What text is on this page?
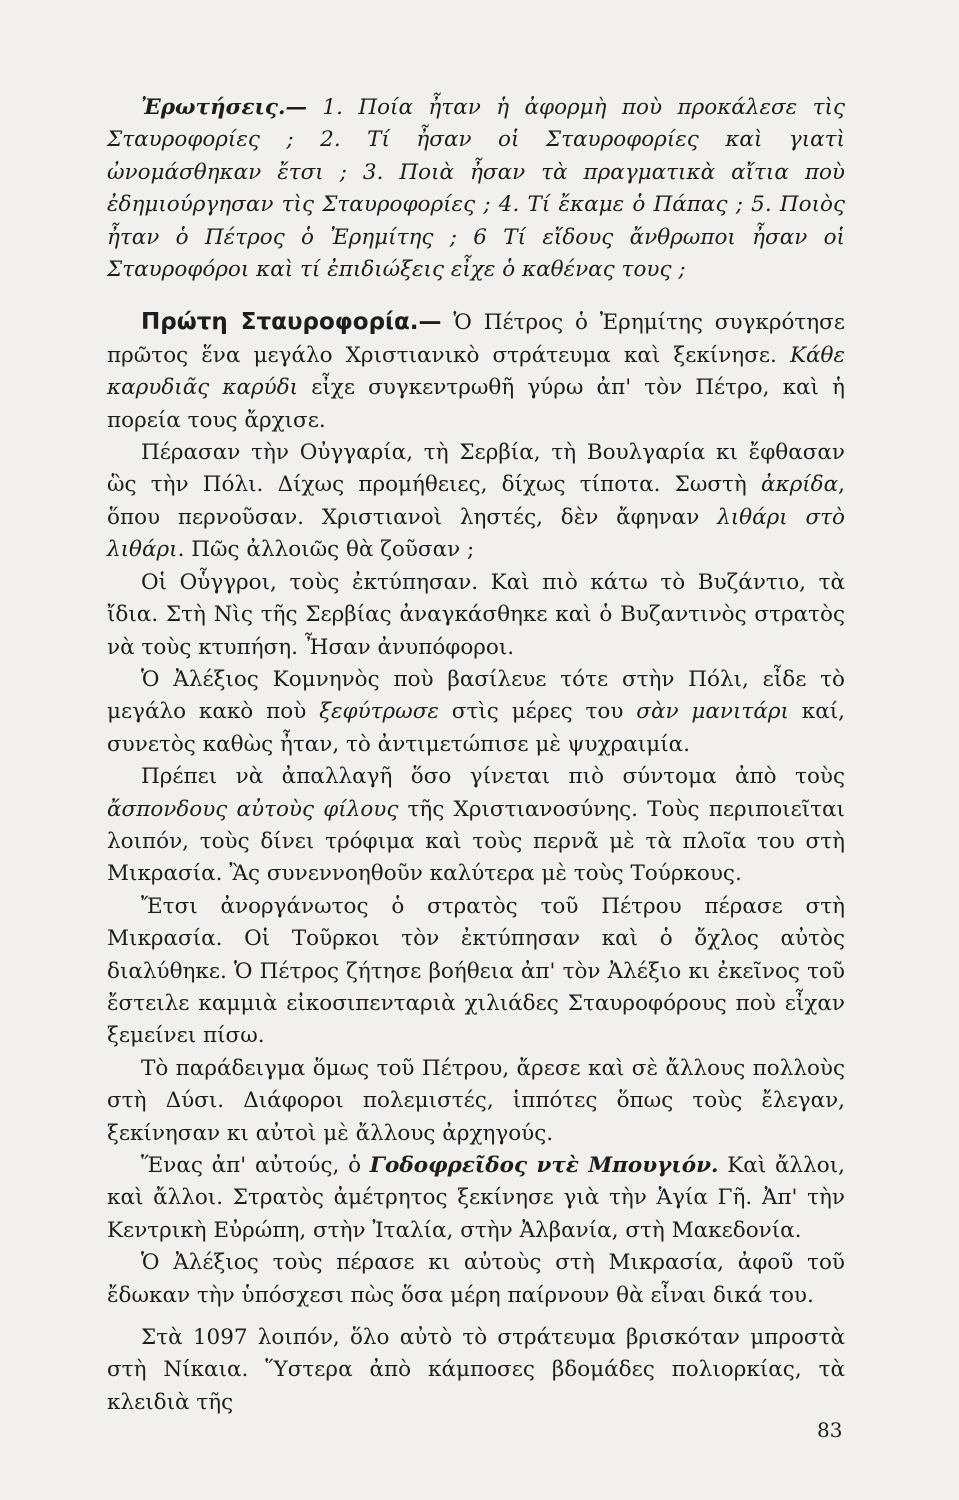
Ἐρωτήσεις.— 1. Ποία ἦταν ἡ ἀφορμὴ ποὺ προκάλεσε τὶς Σταυροφορίες ; 2. Τί ἦσαν οἱ Σταυροφορίες καὶ γιατὶ ὠνομάσθηκαν ἔτσι ; 3. Ποιὰ ἦσαν τὰ πραγματικὰ αἴτια ποὺ ἐδημιούργησαν τὶς Σταυροφορίες ; 4. Τί ἔκαμε ὁ Πάπας ; 5. Ποιὸς ἦταν ὁ Πέτρος ὁ Ἐρημίτης ; 6 Τί εἴδους ἄνθρωποι ἦσαν οἱ Σταυροφόροι καὶ τί ἐπιδιώξεις εἶχε ὁ καθένας τους ;

Πρώτη Σταυροφορία.— Ὁ Πέτρος ὁ Ἐρημίτης συγκρότησε πρῶτος ἕνα μεγάλο Χριστιανικὸ στράτευμα καὶ ξεκίνησε. Κάθε καρυδιᾶς καρύδι εἶχε συγκεντρωθῆ γύρω ἀπ' τὸν Πέτρο, καὶ ἡ πορεία τους ἄρχισε.

Πέρασαν τὴν Οὐγγαρία, τὴ Σερβία, τὴ Βουλγαρία κι ἔφθασαν ὣς τὴν Πόλι. Δίχως προμήθειες, δίχως τίποτα. Σωστὴ ἀκρίδα, ὅπου περνοῦσαν. Χριστιανοὶ ληστές, δὲν ἄφηναν λιθάρι στὸ λιθάρι. Πῶς ἀλλοιῶς θὰ ζοῦσαν ;

Οἱ Οὗγγροι, τοὺς ἐκτύπησαν. Καὶ πιὸ κάτω τὸ Βυζάντιο, τὰ ἴδια. Στὴ Νὶς τῆς Σερβίας ἀναγκάσθηκε καὶ ὁ Βυζαντινὸς στρατὸς νὰ τοὺς κτυπήση. Ἦσαν ἀνυπόφοροι.

Ὁ Ἀλέξιος Κομνηνὸς ποὺ βασίλευε τότε στὴν Πόλι, εἶδε τὸ μεγάλο κακὸ ποὺ ξεφύτρωσε στὶς μέρες του σὰν μανιτάρι καί, συνετὸς καθὼς ἦταν, τὸ ἀντιμετώπισε μὲ ψυχραιμία.

Πρέπει νὰ ἀπαλλαγῆ ὅσο γίνεται πιὸ σύντομα ἀπὸ τοὺς ἄσπονδους αὐτοὺς φίλους τῆς Χριστιανοσύνης. Τοὺς περιποιεῖται λοιπόν, τοὺς δίνει τρόφιμα καὶ τοὺς περνᾶ μὲ τὰ πλοῖα του στὴ Μικρασία. Ἂς συνεννοηθοῦν καλύτερα μὲ τοὺς Τούρκους.

Ἔτσι ἀνοργάνωτος ὁ στρατὸς τοῦ Πέτρου πέρασε στὴ Μικρασία. Οἱ Τοῦρκοι τὸν ἐκτύπησαν καὶ ὁ ὄχλος αὐτὸς διαλύθηκε. Ὁ Πέτρος ζήτησε βοήθεια ἀπ' τὸν Ἀλέξιο κι ἐκεῖνος τοῦ ἔστειλε καμμιὰ εἰκοσιπενταριὰ χιλιάδες Σταυροφόρους ποὺ εἶχαν ξεμείνει πίσω.

Τὸ παράδειγμα ὅμως τοῦ Πέτρου, ἄρεσε καὶ σὲ ἄλλους πολλοὺς στὴ Δύσι. Διάφοροι πολεμιστές, ἱππότες ὅπως τοὺς ἔλεγαν, ξεκίνησαν κι αὐτοὶ μὲ ἄλλους ἀρχηγούς.

Ἕνας ἀπ' αὐτούς, ὁ Γοδοφρεῖδος ντὲ Μπουγιόν. Καὶ ἄλλοι, καὶ ἄλλοι. Στρατὸς ἀμέτρητος ξεκίνησε γιὰ τὴν Ἁγία Γῆ. Ἀπ' τὴν Κεντρικὴ Εὐρώπη, στὴν Ἰταλία, στὴν Ἀλβανία, στὴ Μακεδονία.

Ὁ Ἀλέξιος τοὺς πέρασε κι αὐτοὺς στὴ Μικρασία, ἀφοῦ τοῦ ἔδωκαν τὴν ὑπόσχεσι πὼς ὅσα μέρη παίρνουν θὰ εἶναι δικά του.

Στὰ 1097 λοιπόν, ὅλο αὐτὸ τὸ στράτευμα βρισκόταν μπροστὰ στὴ Νίκαια. Ὕστερα ἀπὸ κάμποσες βδομάδες πολιορκίας, τὰ κλειδιὰ τῆς

83
